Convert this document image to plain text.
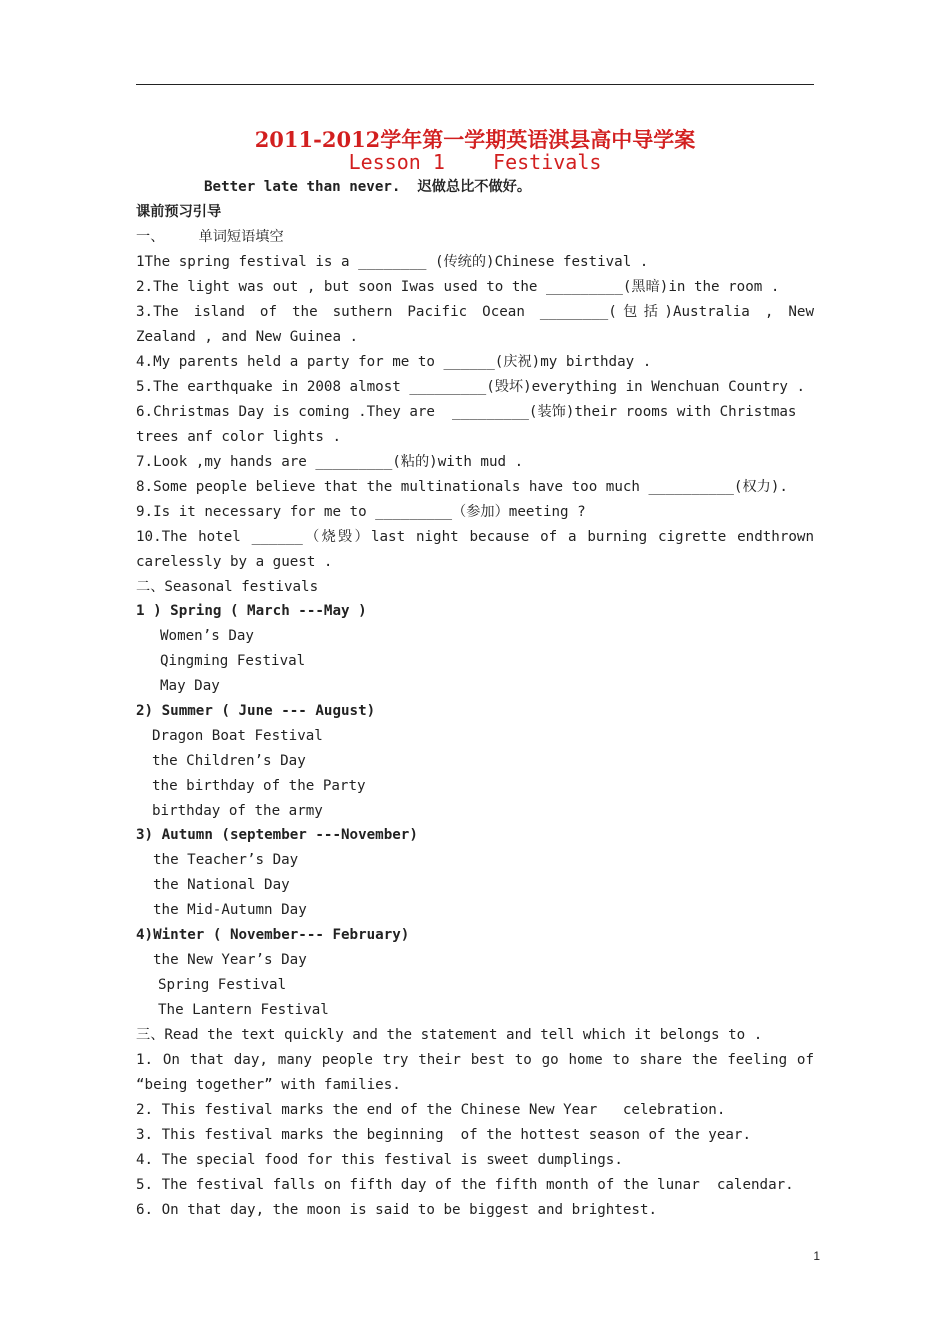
2011-2012学年第一学期英语淇县高中导学案
Lesson 1    Festivals
Better late than never.  迟做总比不做好。
课前预习引导
一、    单词短语填空
1The spring festival is a ________ (传统的)Chinese festival .
2.The light was out , but soon Iwas used to the _________(黑暗)in the room .
3.The island of the suthern Pacific Ocean ________(包括)Australia , New
Zealand , and New Guinea .
4.My parents held a party for me to ______(庆祝)my birthday .
5.The earthquake in 2008 almost _________(毁坏)everything in Wenchuan Country .
6.Christmas Day is coming .They are  _________(装饰)their rooms with Christmas
trees anf color lights .
7.Look ,my hands are _________(粘的)with mud .
8.Some people believe that the multinationals have too much __________(权力).
9.Is it necessary for me to _________（参加）meeting ?
10.The hotel ______（烧毁）last night because of a burning cigrette endthrown
carelessly by a guest .
二、Seasonal festivals
1 ) Spring ( March ---May )
Women’s Day
Qingming Festival
May Day
2) Summer ( June --- August)
Dragon Boat Festival
the Children’s Day
the birthday of the Party
birthday of the army
3) Autumn (september ---November)
the Teacher’s Day
the National Day
the Mid-Autumn Day
4)Winter ( November--- February)
the New Year’s Day
Spring Festival
The Lantern Festival
三、Read the text quickly and the statement and tell which it belongs to .
1. On that day, many people try their best to go home to share the feeling of
“being together” with families.
2. This festival marks the end of the Chinese New Year   celebration.
3. This festival marks the beginning  of the hottest season of the year.
4. The special food for this festival is sweet dumplings.
5. The festival falls on fifth day of the fifth month of the lunar  calendar.
6. On that day, the moon is said to be biggest and brightest.
1
